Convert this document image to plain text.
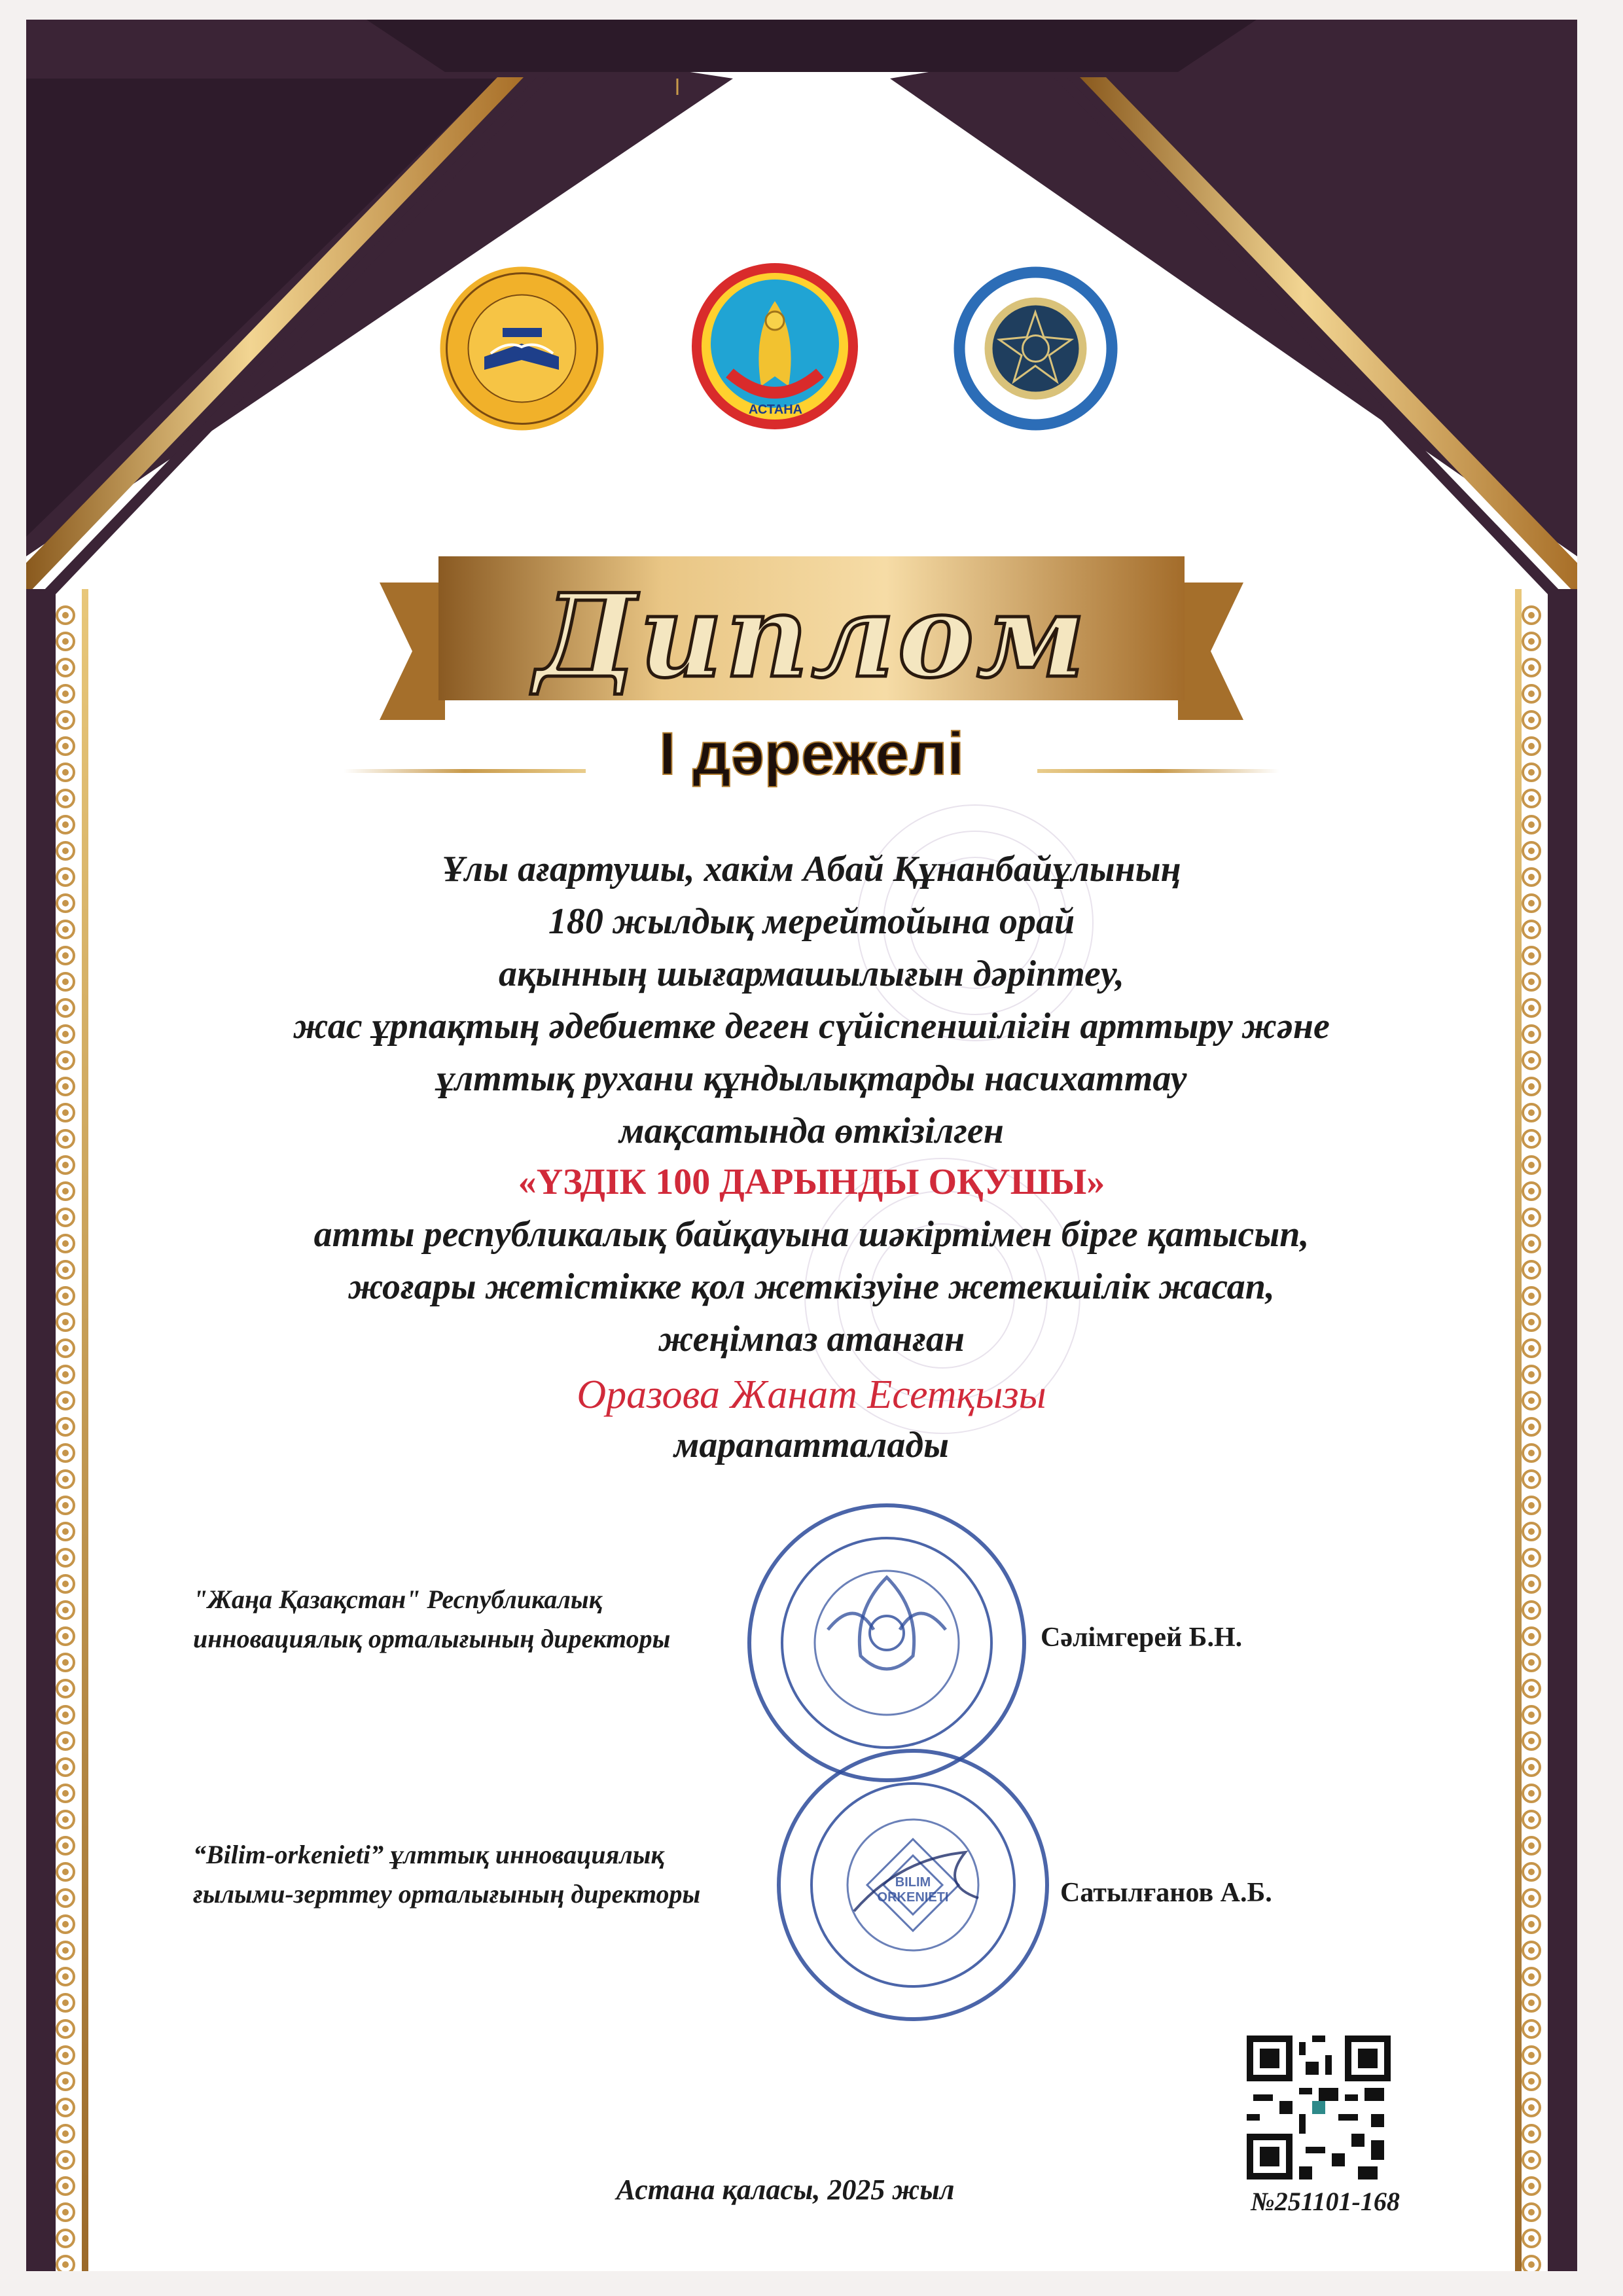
АСТАНА
Диплом
I дәрежелі
Ұлы ағартушы, хакім Абай Құнанбайұлының
180 жылдық мерейтойына орай
ақынның шығармашылығын дәріптеу,
жас ұрпақтың әдебиетке деген сүйіспеншілігін арттыру және
ұлттық рухани құндылықтарды насихаттау
мақсатында өткізілген
«ҮЗДІК 100 ДАРЫНДЫ ОҚУШЫ»
атты республикалық байқауына шәкіртімен бірге қатысып,
жоғары жетістікке қол жеткізуіне жетекшілік жасап,
жеңімпаз атанған
Оразова Жанат Есетқызы
марапатталады
BILIM ORKENIETI
"Жаңа Қазақстан" Республикалық
инновациялық орталығының директоры	Сәлімгерей Б.Н.
“Bilim-orkenieti” ұлттық инновациялық
ғылыми-зерттеу орталығының директоры	Сатылғанов А.Б.
№251101-168
Астана қаласы, 2025 жыл
